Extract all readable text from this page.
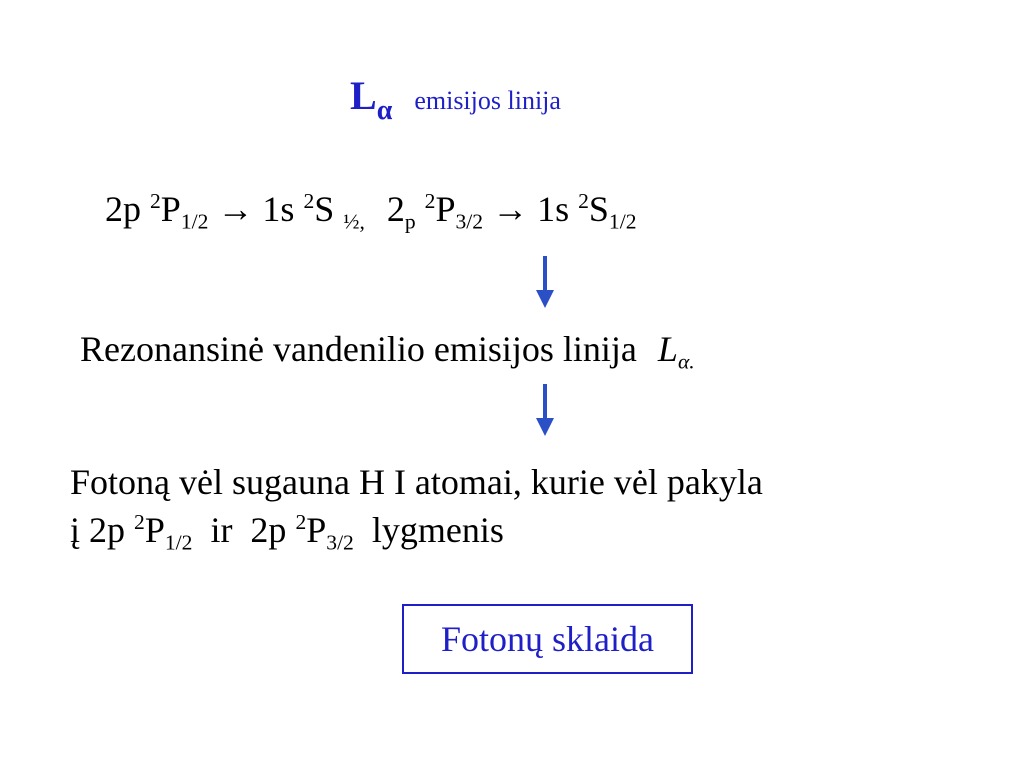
$L_\alpha$ emisijos linija
2p $^2P_{1/2} \to 1s$ $^2$S $_{\frac{1}{2},}$ $2_p^2P_{3/2} \to 1s$ $^2S_{1/2}$
Rezonansinė vandenilio emisijos linija $L_{\alpha.}$
Fotoną vėl sugauna H I atomai, kurie vėl pakyla
į 2p $^2P_{1/2}$  ir  2p $^2P_{3/2}$  lygmenis
Fotonų sklaida
